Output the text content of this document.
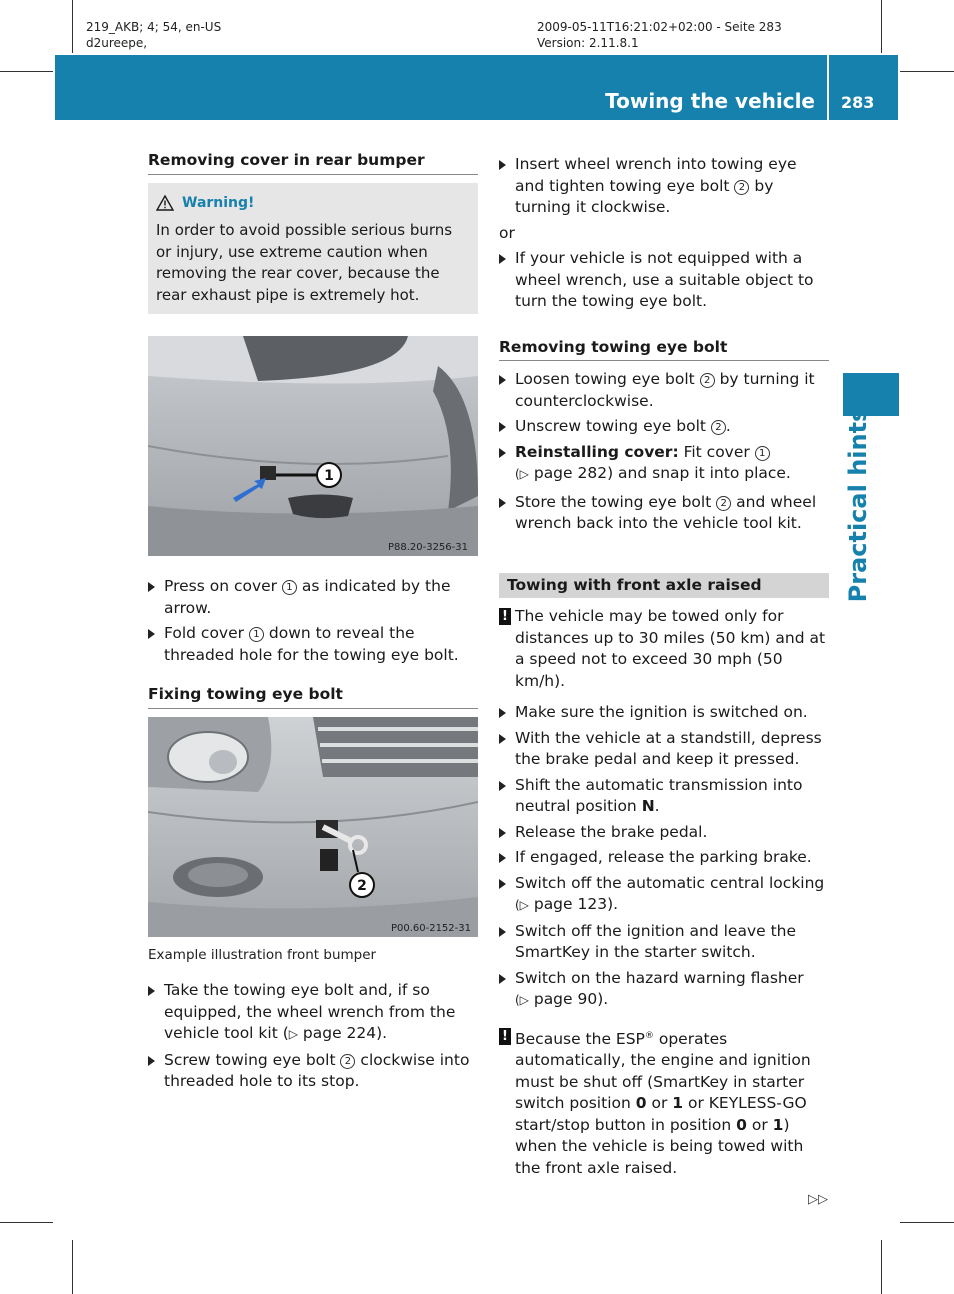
219_AKB; 4; 54, en-US
d2ureepe,
2009-05-11T16:21:02+02:00 - Seite 283
Version: 2.11.8.1
Towing the vehicle 283
Practical hints
Removing cover in rear bumper
Warning!

In order to avoid possible serious burns or injury, use extreme caution when removing the rear cover, because the rear exhaust pipe is extremely hot.

1
P88.20-3256-31
Press on cover 1 as indicated by the arrow.
Fold cover 1 down to reveal the threaded hole for the towing eye bolt.
Fixing towing eye bolt
2
P00.60-2152-31
Example illustration front bumper
Take the towing eye bolt and, if so equipped, the wheel wrench from the vehicle tool kit (▷ page 224).
Screw towing eye bolt 2 clockwise into threaded hole to its stop.
Insert wheel wrench into towing eye and tighten towing eye bolt 2 by turning it clockwise.
or
If your vehicle is not equipped with a wheel wrench, use a suitable object to turn the towing eye bolt.
Removing towing eye bolt
Loosen towing eye bolt 2 by turning it counterclockwise.
Unscrew towing eye bolt 2 .
Reinstalling cover: Fit cover 1
(▷ page 282) and snap it into place.
Store the towing eye bolt 2 and wheel wrench back into the vehicle tool kit.
Towing with front axle raised
! The vehicle may be towed only for distances up to 30 miles (50 km) and at a speed not to exceed 30 mph (50 km/h).
Make sure the ignition is switched on.
With the vehicle at a standstill, depress the brake pedal and keep it pressed.
Shift the automatic transmission into neutral position N.
Release the brake pedal.
If engaged, release the parking brake.
Switch off the automatic central locking
(▷ page 123).
Switch off the ignition and leave the SmartKey in the starter switch.
Switch on the hazard warning flasher
(▷ page 90).
! Because the ESP® operates automatically, the engine and ignition must be shut off (SmartKey in starter switch position 0 or 1 or KEYLESS-GO start/stop button in position 0 or 1) when the vehicle is being towed with the front axle raised.
▷▷
